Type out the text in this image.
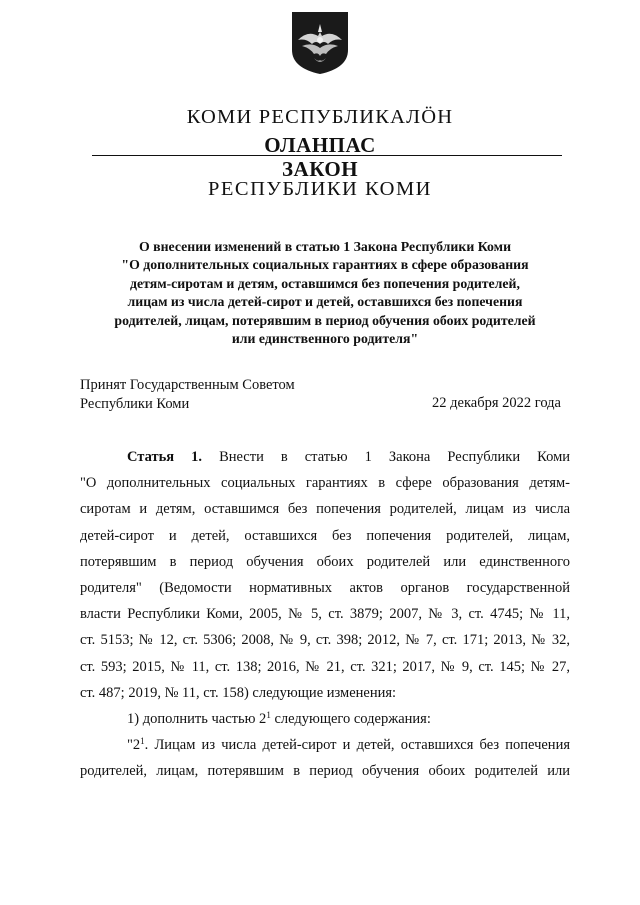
КОМИ РЕСПУБЛИКАЛӦН
ОЛАНПАС
ЗАКОН
РЕСПУБЛИКИ КОМИ
О внесении изменений в статью 1 Закона Республики Коми
"О дополнительных социальных гарантиях в сфере образования
детям-сиротам и детям, оставшимся без попечения родителей,
лицам из числа детей-сирот и детей, оставшихся без попечения
родителей, лицам, потерявшим в период обучения обоих родителей
или единственного родителя"
Принят Государственным Советом
Республики Коми	22 декабря 2022 года
Статья 1. Внести в статью 1 Закона Республики Коми
"О дополнительных социальных гарантиях в сфере образования детям-
сиротам и детям, оставшимся без попечения родителей, лицам из числа
детей-сирот и детей, оставшихся без попечения родителей, лицам,
потерявшим в период обучения обоих родителей или единственного
родителя" (Ведомости нормативных актов органов государственной
власти Республики Коми, 2005, № 5, ст. 3879; 2007, № 3, ст. 4745; № 11,
ст. 5153; № 12, ст. 5306; 2008, № 9, ст. 398; 2012, № 7, ст. 171; 2013, № 32,
ст. 593; 2015, № 11, ст. 138; 2016, № 21, ст. 321; 2017, № 9, ст. 145; № 27,
ст. 487; 2019, № 11, ст. 158) следующие изменения:
1) дополнить частью $2^1$ следующего содержания:
"$2^1$. Лицам из числа детей-сирот и детей, оставшихся без попечения
родителей, лицам, потерявшим в период обучения обоих родителей или
